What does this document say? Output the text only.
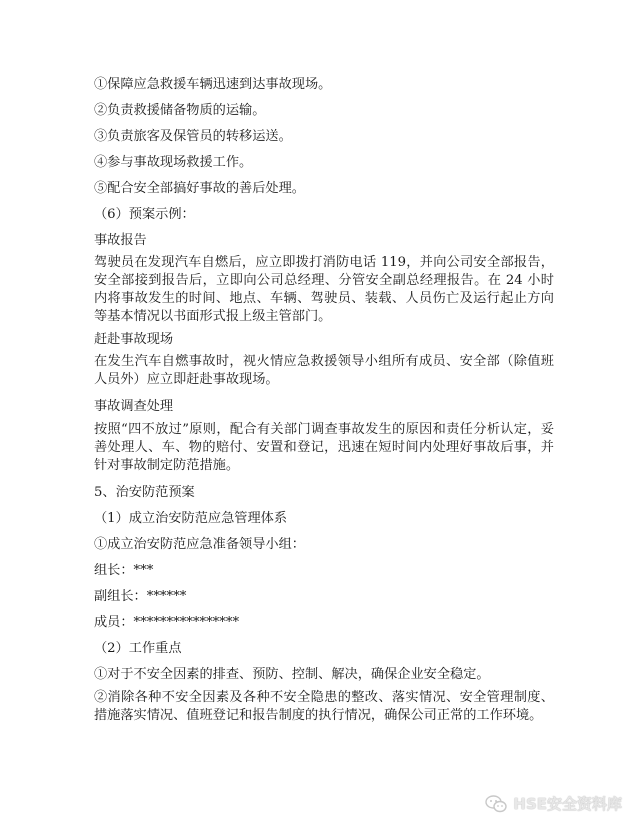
①保障应急救援车辆迅速到达事故现场。
②负责救援储备物质的运输。
③负责旅客及保管员的转移运送。
④参与事故现场救援工作。
⑤配合安全部搞好事故的善后处理。
（6）预案示例：
事故报告
驾驶员在发现汽车自燃后，应立即拨打消防电话 119，并向公司安全部报告，安全部接到报告后，立即向公司总经理、分管安全副总经理报告。在 24 小时内将事故发生的时间、地点、车辆、驾驶员、装载、人员伤亡及运行起止方向等基本情况以书面形式报上级主管部门。
赶赴事故现场
在发生汽车自燃事故时，视火情应急救援领导小组所有成员、安全部（除值班人员外）应立即赶赴事故现场。
事故调查处理
按照“四不放过”原则，配合有关部门调查事故发生的原因和责任分析认定，妥善处理人、车、物的赔付、安置和登记，迅速在短时间内处理好事故后事，并针对事故制定防范措施。
5、治安防范预案
（1）成立治安防范应急管理体系
①成立治安防范应急准备领导小组：
组长：***
副组长：******
成员：****************
（2）工作重点
①对于不安全因素的排查、预防、控制、解决，确保企业安全稳定。
②消除各种不安全因素及各种不安全隐患的整改、落实情况、安全管理制度、措施落实情况、值班登记和报告制度的执行情况，确保公司正常的工作环境。
HSE安全资料库
